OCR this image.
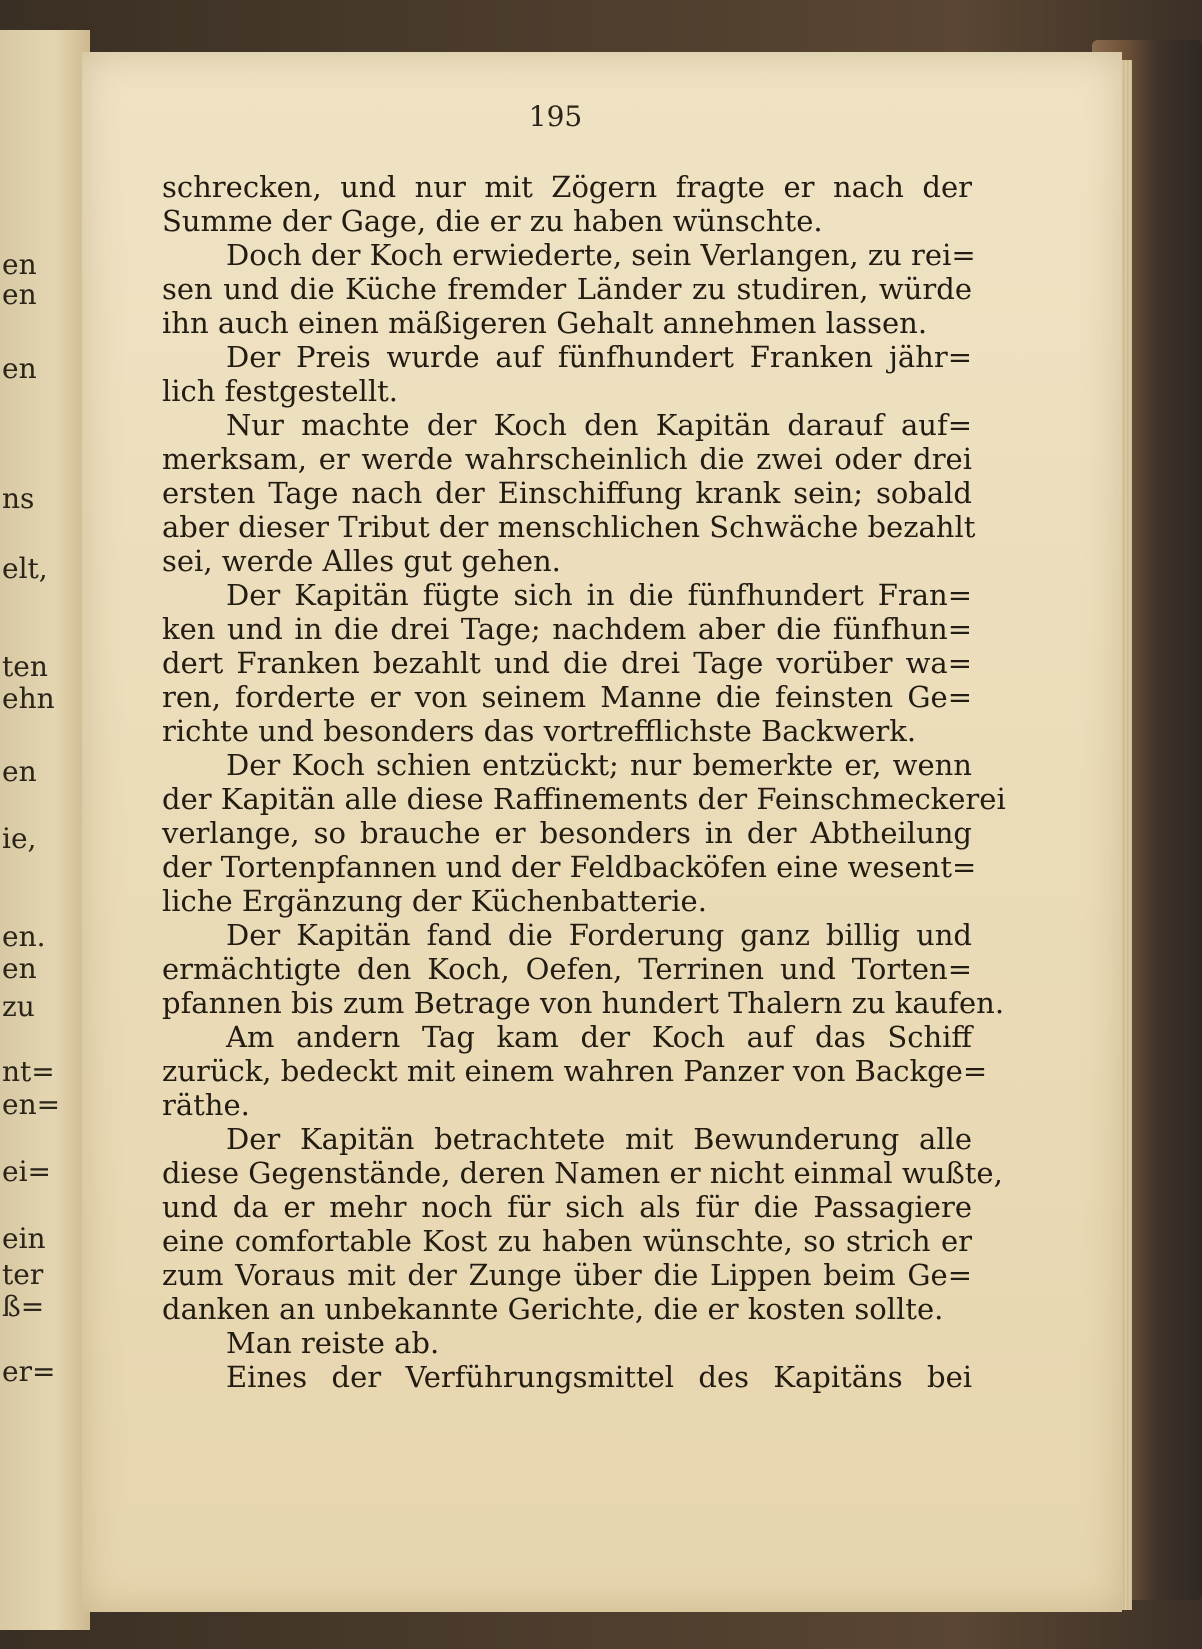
en
en
en
ns
elt,
ten
ehn
en
ie,
en.
en
zu
nt=
en=
ei=
ein
ter
ß=
er=
195
schrecken, und nur mit Zögern fragte er nach der
Summe der Gage, die er zu haben wünschte.
Doch der Koch erwiederte, sein Verlangen, zu rei=
sen und die Küche fremder Länder zu studiren, würde
ihn auch einen mäßigeren Gehalt annehmen lassen.
Der Preis wurde auf fünfhundert Franken jähr=
lich festgestellt.
Nur machte der Koch den Kapitän darauf auf=
merksam, er werde wahrscheinlich die zwei oder drei
ersten Tage nach der Einschiffung krank sein; sobald
aber dieser Tribut der menschlichen Schwäche bezahlt
sei, werde Alles gut gehen.
Der Kapitän fügte sich in die fünfhundert Fran=
ken und in die drei Tage; nachdem aber die fünfhun=
dert Franken bezahlt und die drei Tage vorüber wa=
ren, forderte er von seinem Manne die feinsten Ge=
richte und besonders das vortrefflichste Backwerk.
Der Koch schien entzückt; nur bemerkte er, wenn
der Kapitän alle diese Raffinements der Feinschmeckerei
verlange, so brauche er besonders in der Abtheilung
der Tortenpfannen und der Feldbacköfen eine wesent=
liche Ergänzung der Küchenbatterie.
Der Kapitän fand die Forderung ganz billig und
ermächtigte den Koch, Oefen, Terrinen und Torten=
pfannen bis zum Betrage von hundert Thalern zu kaufen.
Am andern Tag kam der Koch auf das Schiff
zurück, bedeckt mit einem wahren Panzer von Backge=
räthe.
Der Kapitän betrachtete mit Bewunderung alle
diese Gegenstände, deren Namen er nicht einmal wußte,
und da er mehr noch für sich als für die Passagiere
eine comfortable Kost zu haben wünschte, so strich er
zum Voraus mit der Zunge über die Lippen beim Ge=
danken an unbekannte Gerichte, die er kosten sollte.
Man reiste ab.
Eines der Verführungsmittel des Kapitäns bei
